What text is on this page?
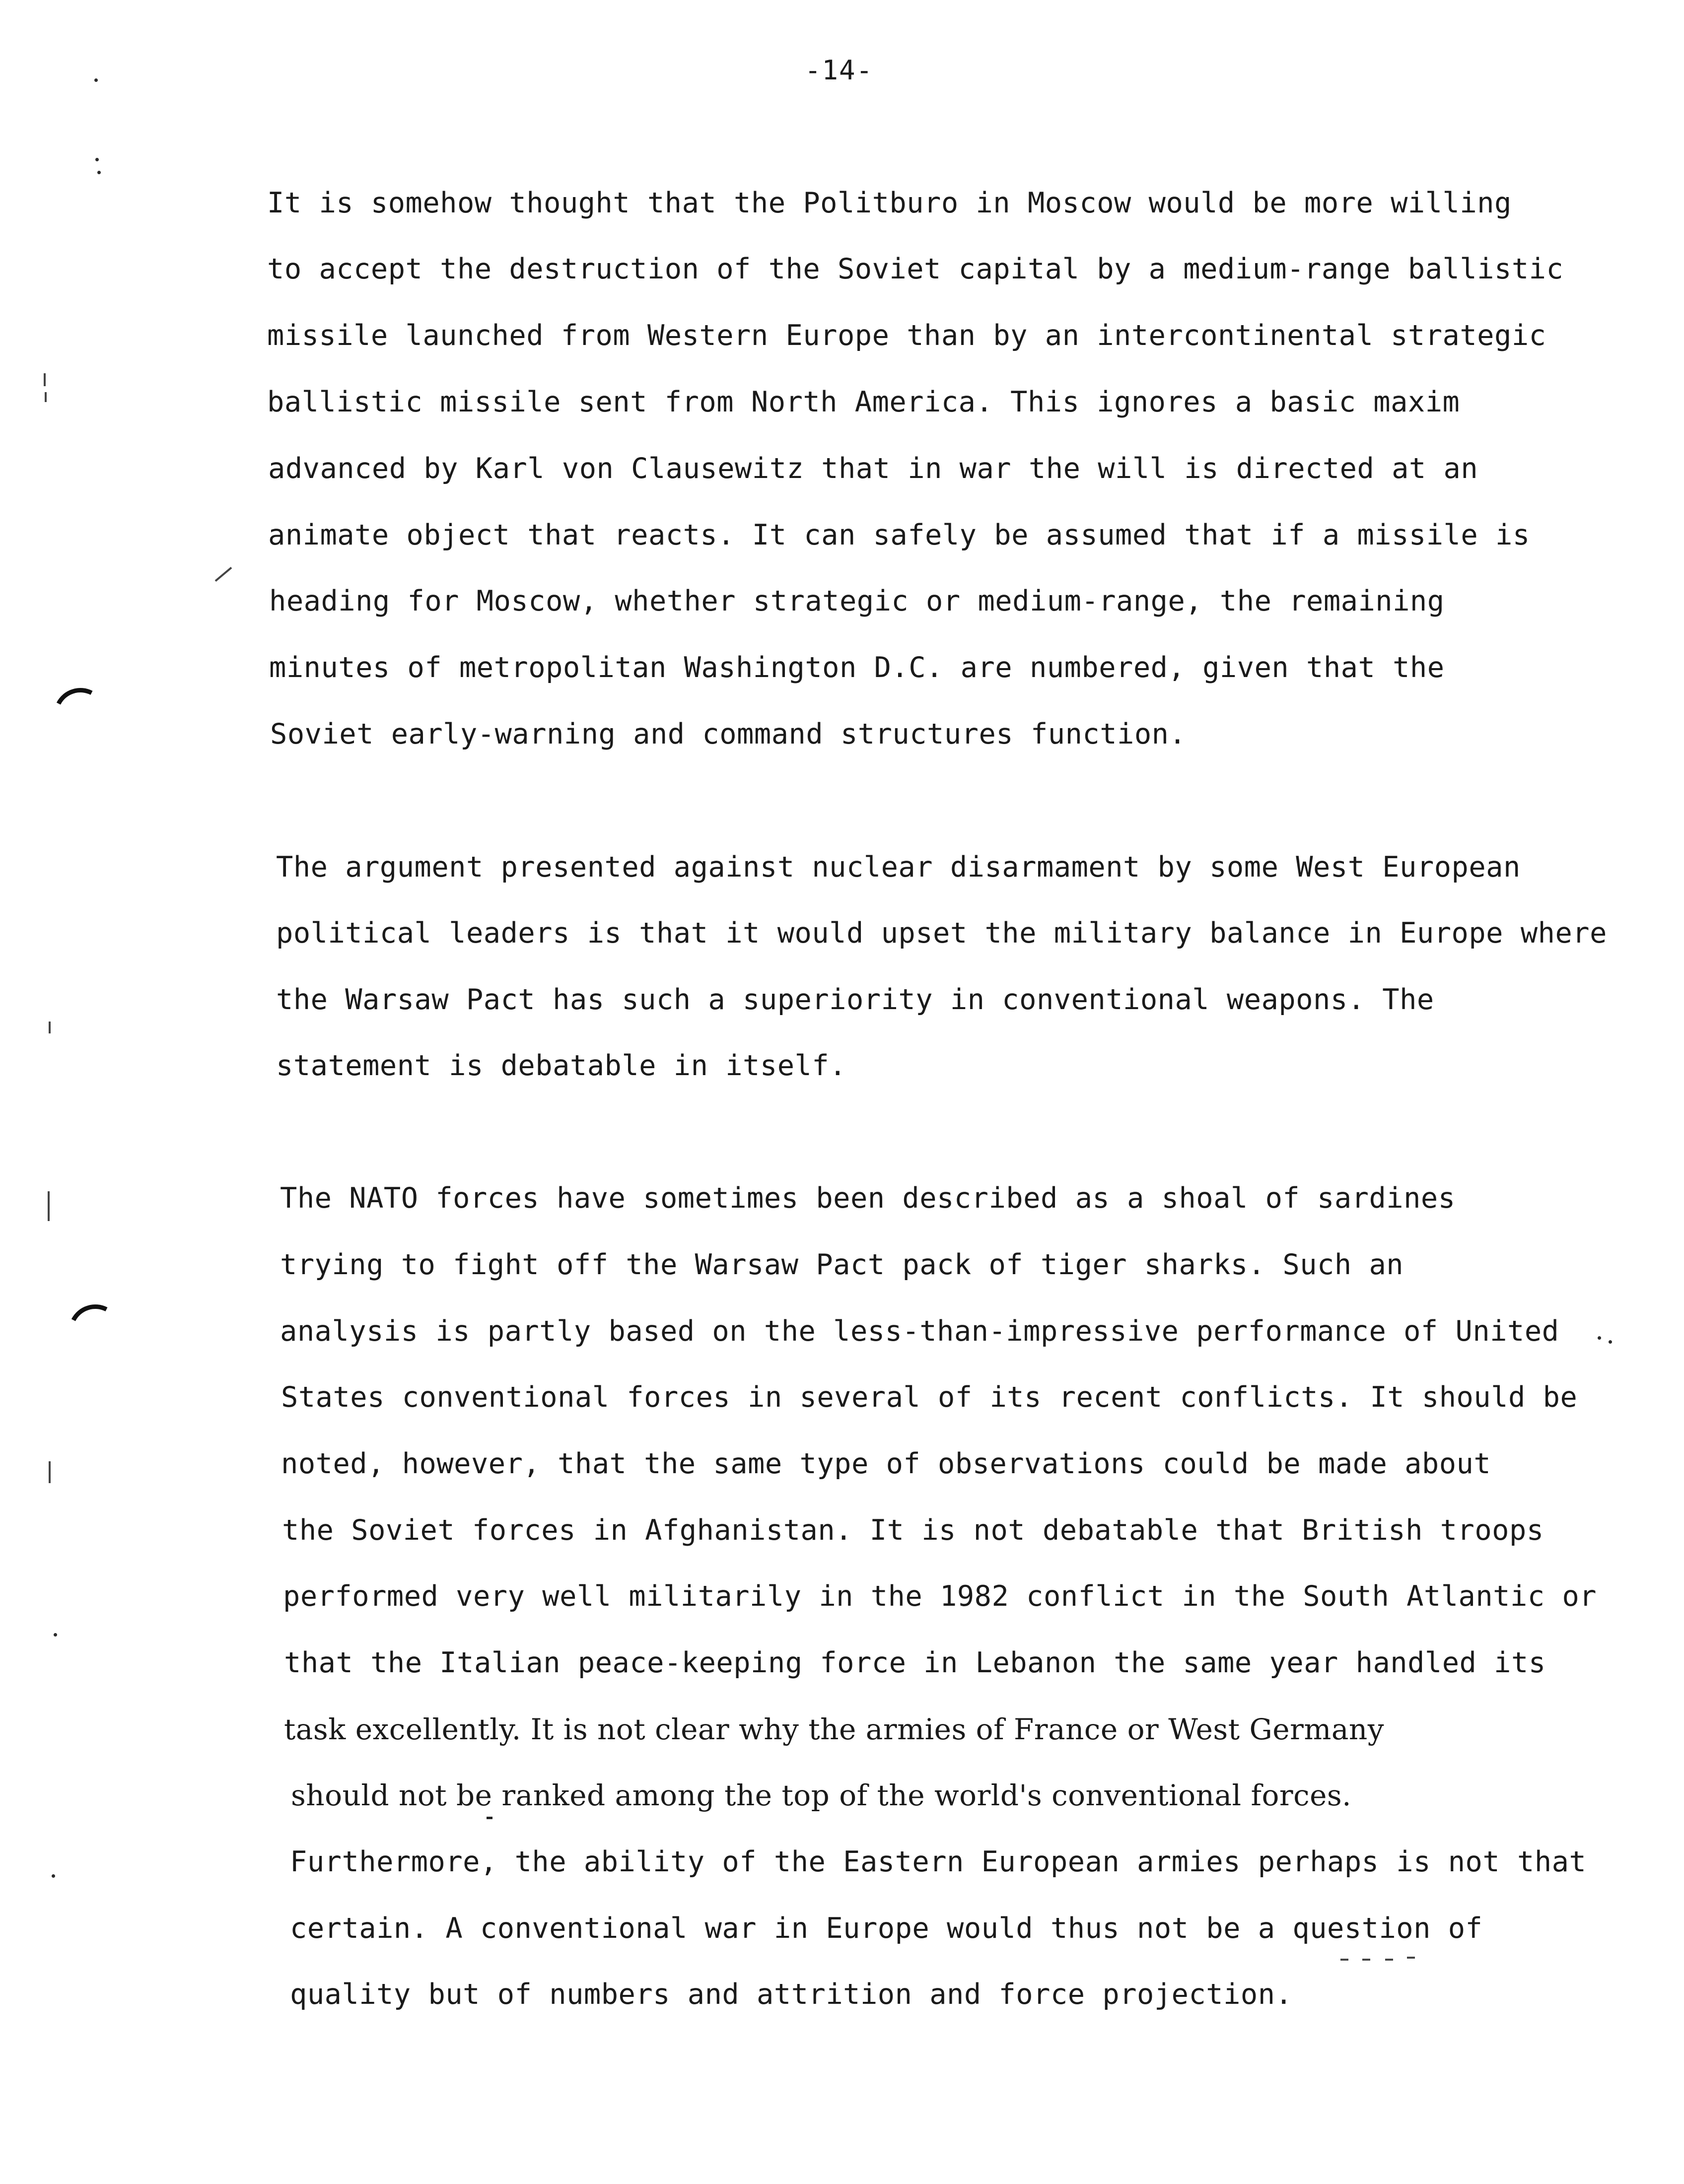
-14-
It is somehow thought that the Politburo in Moscow would be more willing
to accept the destruction of the Soviet capital by a medium-range ballistic
missile launched from Western Europe than by an intercontinental strategic
ballistic missile sent from North America. This ignores a basic maxim
advanced by Karl von Clausewitz that in war the will is directed at an
animate object that reacts. It can safely be assumed that if a missile is
heading for Moscow, whether strategic or medium-range, the remaining
minutes of metropolitan Washington D.C. are numbered, given that the
Soviet early-warning and command structures function.
The argument presented against nuclear disarmament by some West European
political leaders is that it would upset the military balance in Europe where
the Warsaw Pact has such a superiority in conventional weapons. The
statement is debatable in itself.
The NATO forces have sometimes been described as a shoal of sardines
trying to fight off the Warsaw Pact pack of tiger sharks. Such an
analysis is partly based on the less-than-impressive performance of United
States conventional forces in several of its recent conflicts. It should be
noted, however, that the same type of observations could be made about
the Soviet forces in Afghanistan. It is not debatable that British troops
performed very well militarily in the 1982 conflict in the South Atlantic or
that the Italian peace-keeping force in Lebanon the same year handled its
task excellently. It is not clear why the armies of France or West Germany
should not be ranked among the top of the world's conventional forces.
Furthermore, the ability of the Eastern European armies perhaps is not that
certain. A conventional war in Europe would thus not be a question of
quality but of numbers and attrition and force projection.
